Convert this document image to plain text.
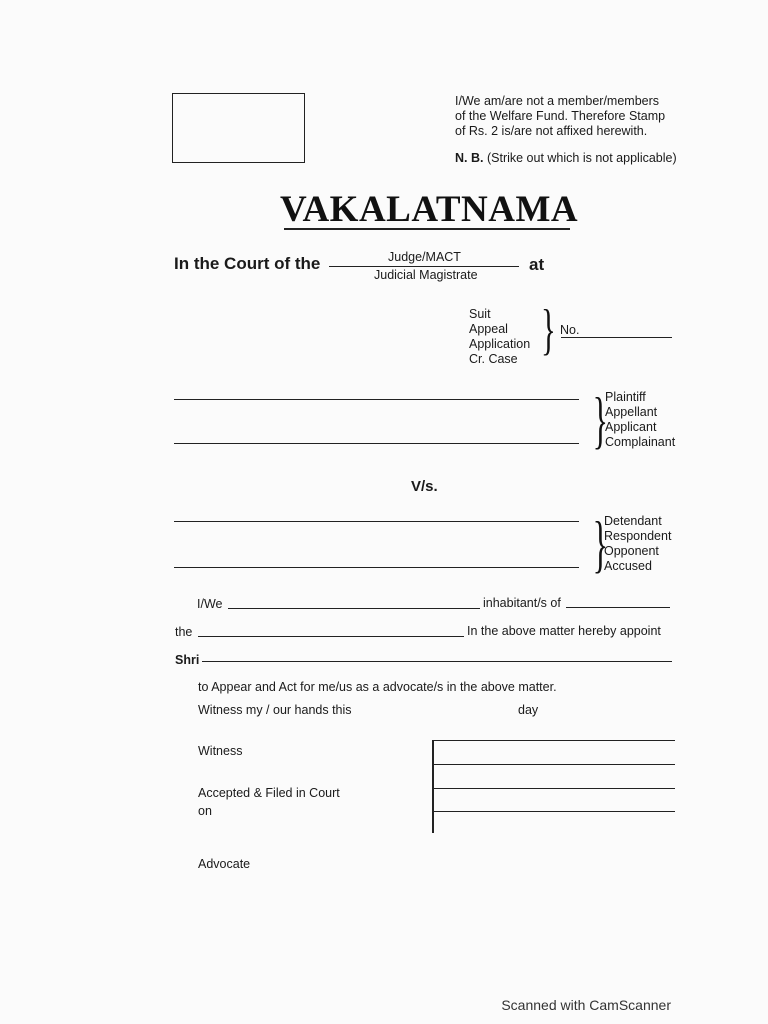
I/We am/are not a member/members
of the Welfare Fund. Therefore Stamp
of Rs. 2 is/are not affixed herewith.
N. B. (Strike out which is not applicable)
VAKALATNAMA
In the Court of the	Judge/MACT
Judicial Magistrate
at
Suit
Appeal
Application
Cr. Case } No.
}
Plaintiff
Appellant
Applicant
Complainant
V/s.
}
Detendant
Respondent
Opponent
Accused
I/We	inhabitant/s of
the	In the above matter hereby appoint
Shri
to Appear and Act for me/us as a advocate/s in the above matter.
Witness my / our hands this	day
Witness
Accepted & Filed in Court
on
Advocate
Scanned with CamScanner
